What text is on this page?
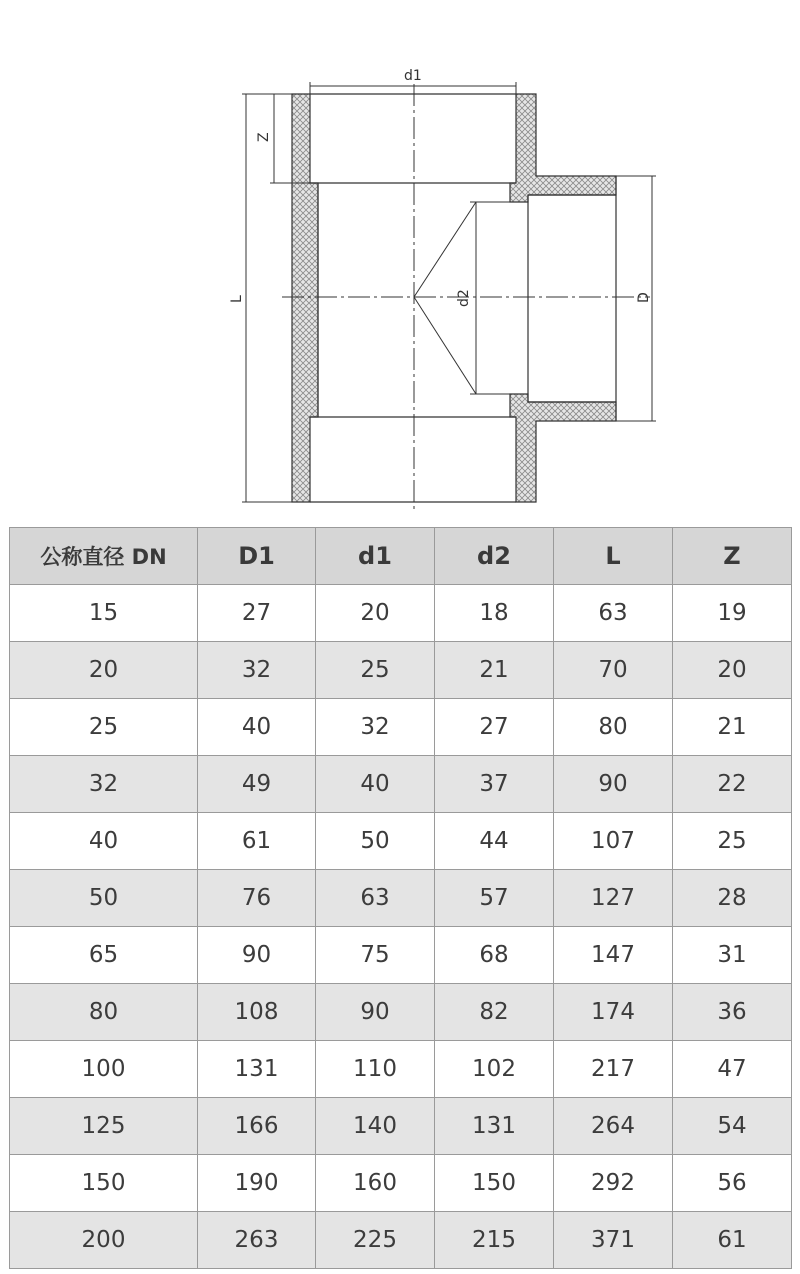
d1
d2	D
L
Z
公称直径 DN	D1	d1	d2	L	Z
15	27	20	18	63	19
20	32	25	21	70	20
25	40	32	27	80	21
32	49	40	37	90	22
40	61	50	44	107	25
50	76	63	57	127	28
65	90	75	68	147	31
80	108	90	82	174	36
100	131	110	102	217	47
125	166	140	131	264	54
150	190	160	150	292	56
200	263	225	215	371	61
